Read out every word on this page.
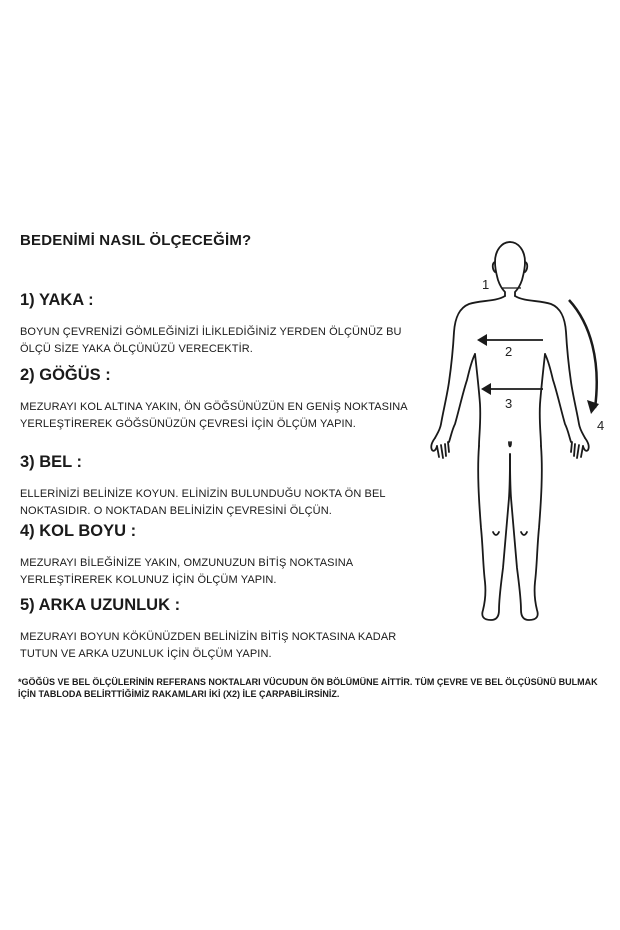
BEDENİMİ NASIL ÖLÇECEĞİM?

1) YAKA :

BOYUN ÇEVRENİZİ GÖMLEĞİNİZİ İLİKLEDİĞİNİZ YERDEN ÖLÇÜNÜZ BU ÖLÇÜ SİZE YAKA ÖLÇÜNÜZÜ VERECEKTİR.

2) GÖĞÜS :

MEZURAYI KOL ALTINA YAKIN, ÖN GÖĞSÜNÜZÜN EN GENİŞ NOKTASINA YERLEŞTİREREK GÖĞSÜNÜZÜN ÇEVRESİ İÇİN ÖLÇÜM YAPIN.

3) BEL :

ELLERİNİZİ BELİNİZE KOYUN. ELİNİZİN BULUNDUĞU NOKTA ÖN BEL NOKTASIDIR. O NOKTADAN BELİNİZİN ÇEVRESİNİ ÖLÇÜN.

4) KOL BOYU :

MEZURAYI BİLEĞİNİZE YAKIN, OMZUNUZUN BİTİŞ NOKTASINA YERLEŞTİREREK KOLUNUZ İÇİN ÖLÇÜM YAPIN.

5) ARKA UZUNLUK :

MEZURAYI BOYUN KÖKÜNÜZDEN BELİNİZİN BİTİŞ NOKTASINA KADAR TUTUN VE ARKA UZUNLUK İÇİN ÖLÇÜM YAPIN.

*GÖĞÜS VE BEL ÖLÇÜLERİNİN REFERANS NOKTALARI VÜCUDUN ÖN BÖLÜMÜNE AİTTİR. TÜM ÇEVRE VE BEL ÖLÇÜSÜNÜ BULMAK İÇİN TABLODA BELİRTTİĞİMİZ RAKAMLARI İKİ (X2) İLE ÇARPABİLİRSİNİZ.
1
2
3
4
